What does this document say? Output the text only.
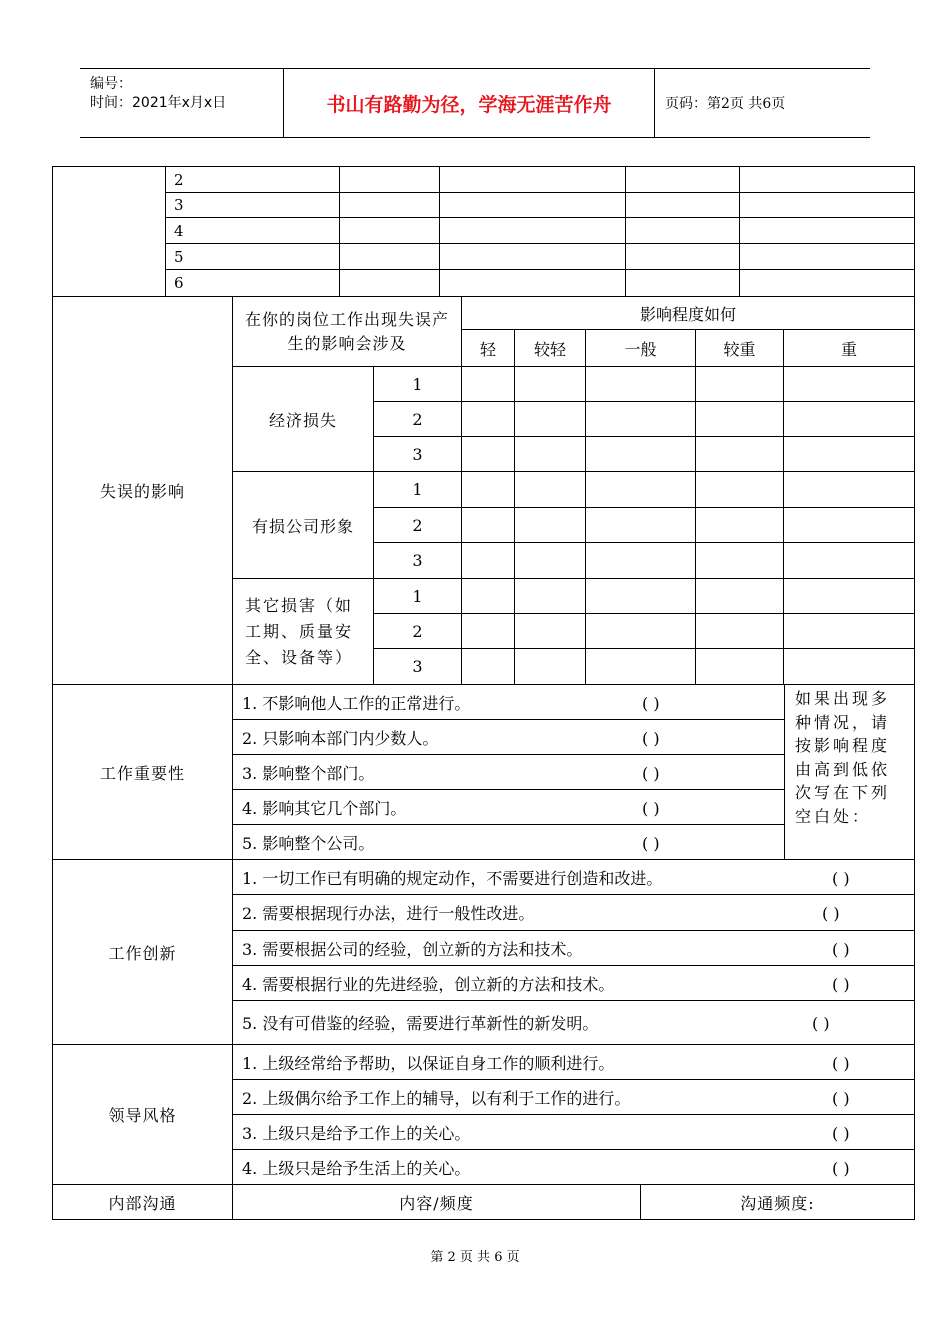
编号：
时间：2021年x月x日	书山有路勤为径，学海无涯苦作舟	页码：第2页 共6页
	2				
	3				
	4				
	5				
	6				
失误的影响	在你的岗位工作出现失误产生的影响会涉及		影响程度如何				
			轻	较轻	一般	较重	重
	经济损失	1					
		2					
		3					
	有损公司形象	1					
		2					
		3					
	其它损害（如工期、质量安全、设备等）	1					
		2					
		3					
工作重要性	1. 不影响他人工作的正常进行。 ( )		如果出现多种情况，请按影响程度由高到低依次写在下列空白处：
	2. 只影响本部门内少数人。 ( )		
	3. 影响整个部门。 ( )		
	4. 影响其它几个部门。 ( )		
	5. 影响整个公司。 ( )		
工作创新	1. 一切工作已有明确的规定动作，不需要进行创造和改进。 ( )		
	2. 需要根据现行办法，进行一般性改进。 ( )		
	3. 需要根据公司的经验，创立新的方法和技术。 ( )		
	4. 需要根据行业的先进经验，创立新的方法和技术。 ( )		
	5. 没有可借鉴的经验，需要进行革新性的新发明。 ( )		
领导风格	1. 上级经常给予帮助，以保证自身工作的顺利进行。 ( )		
	2. 上级偶尔给予工作上的辅导，以有利于工作的进行。 ( )		
	3. 上级只是给予工作上的关心。 ( )		
	4. 上级只是给予生活上的关心。 ( )		
内部沟通	内容/频度	沟通频度:	
第 2 页 共 6 页
